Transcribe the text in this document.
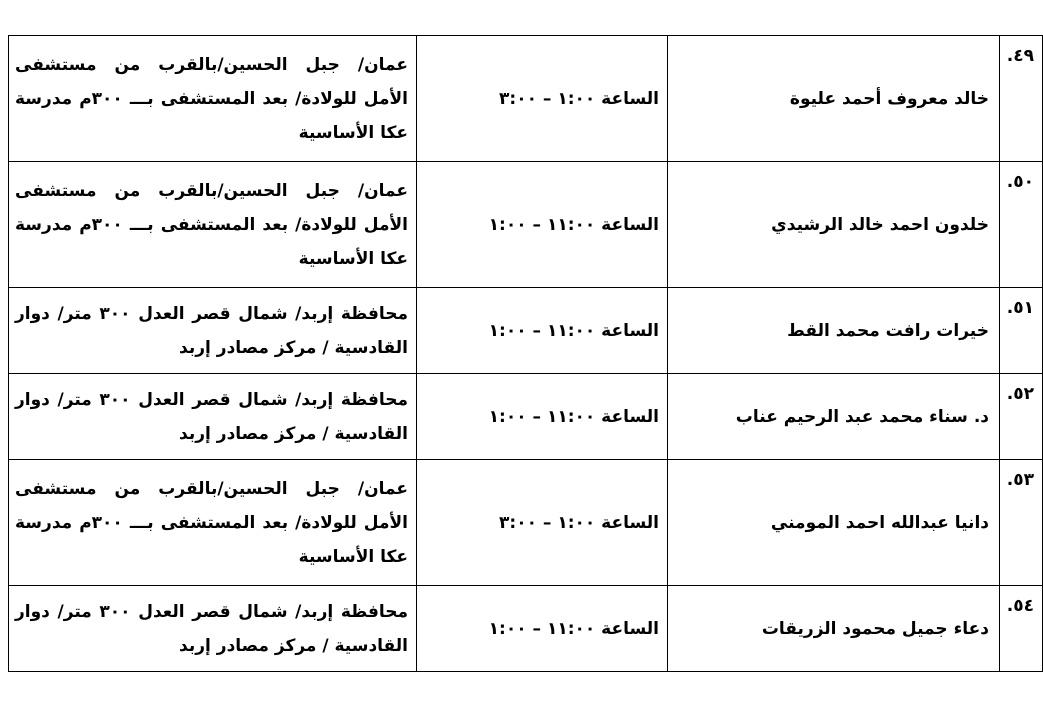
٤٩.	خالد معروف أحمد عليوة	الساعة ١:٠٠ – ٣:٠٠	عمان/ جبل الحسين/بالقرب من مستشفى الأمل للولادة/ بعد المستشفى بـــ ٣٠٠م مدرسة عكا الأساسية

٥٠.	خلدون احمد خالد الرشيدي	الساعة ١١:٠٠ – ١:٠٠	عمان/ جبل الحسين/بالقرب من مستشفى الأمل للولادة/ بعد المستشفى بـــ ٣٠٠م مدرسة عكا الأساسية

٥١.	خيرات رافت محمد القط	الساعة ١١:٠٠ – ١:٠٠	محافظة إربد/ شمال قصر العدل ٣٠٠ متر/ دوار القادسية / مركز مصادر إربد

٥٢.	د. سناء محمد عبد الرحيم عناب	الساعة ١١:٠٠ – ١:٠٠	محافظة إربد/ شمال قصر العدل ٣٠٠ متر/ دوار القادسية / مركز مصادر إربد

٥٣.	دانيا عبدالله احمد المومني	الساعة ١:٠٠ – ٣:٠٠	عمان/ جبل الحسين/بالقرب من مستشفى الأمل للولادة/ بعد المستشفى بـــ ٣٠٠م مدرسة عكا الأساسية

٥٤.	دعاء جميل محمود الزريقات	الساعة ١١:٠٠ – ١:٠٠	محافظة إربد/ شمال قصر العدل ٣٠٠ متر/ دوار القادسية / مركز مصادر إربد
